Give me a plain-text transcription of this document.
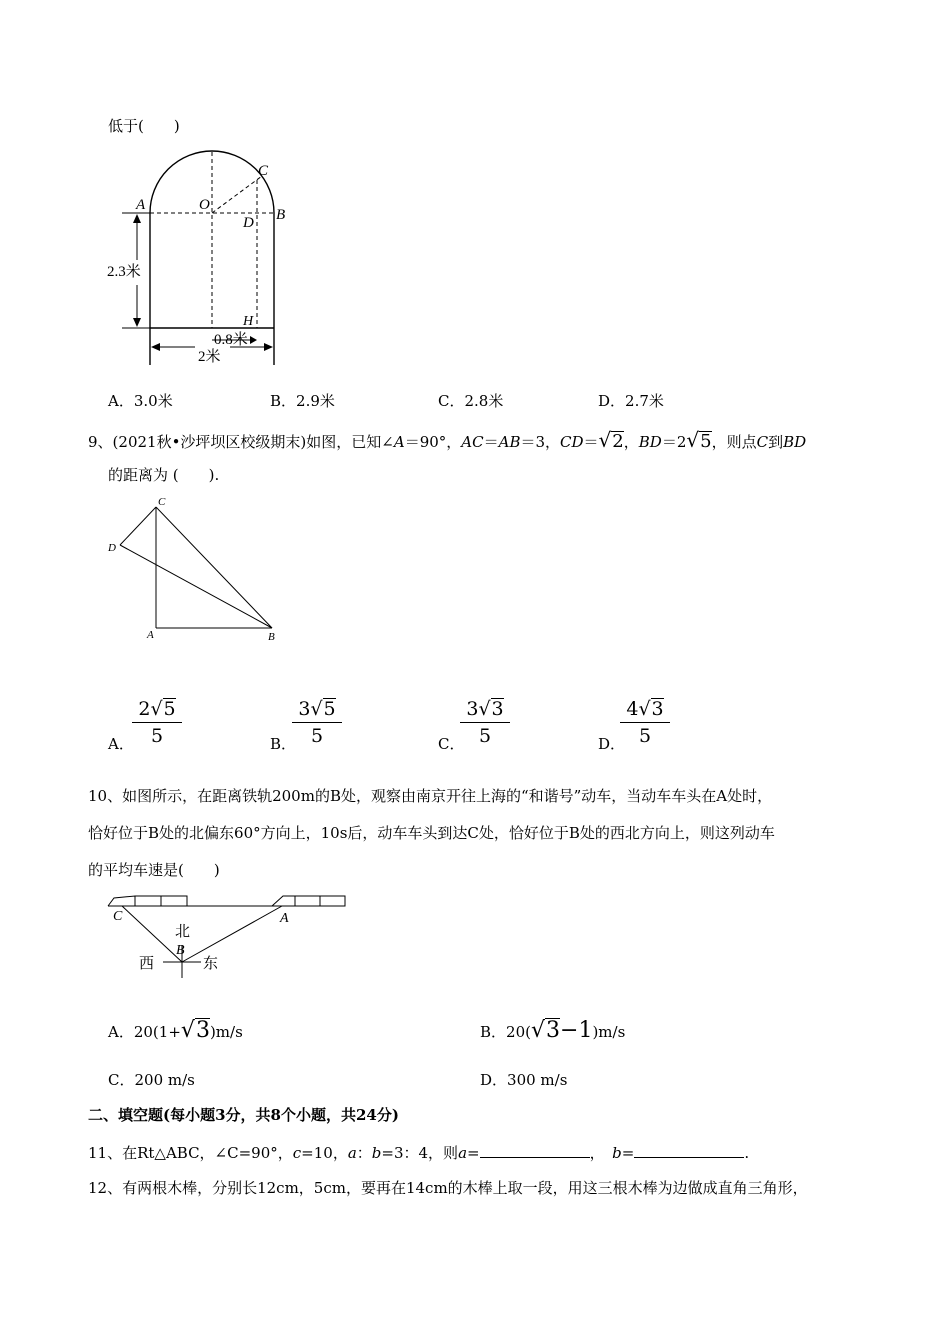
低于(　　)
A	O
C
D B
H
2.3米
0.8米
2米
A．3.0米	B．2.9米	C．2.8米	D．2.7米
9、(2021秋•沙坪坝区校级期末)如图，已知∠A＝90°，AC＝AB＝3，CD＝√2，BD＝2√5，则点C到BD
的距离为 (　　).
C
D
A	B
A．
$\frac{2√5}{5}$	B．
$\frac{3√5}{5}$	C．
$\frac{3√3}{5}$	D．
$\frac{4√3}{5}$
10、如图所示，在距离铁轨200m的B处，观察由南京开往上海的“和谐号”动车，当动车车头在A处时，
恰好位于B处的北偏东60°方向上，10s后，动车车头到达C处，恰好位于B处的西北方向上，则这列动车
的平均车速是(　　)
C	A
北
B
西	东
A．20(1+√3)m/s	B．20(√3−1)m/s
C．200 m/s	D．300 m/s
二、填空题(每小题3分，共8个小题，共24分)
11、在Rt△ABC，∠C=90°，c=10，a：b=3：4，则a=	，　 b=	.
12、有两根木棒，分别长12cm，5cm，要再在14cm的木棒上取一段，用这三根木棒为边做成直角三角形，
